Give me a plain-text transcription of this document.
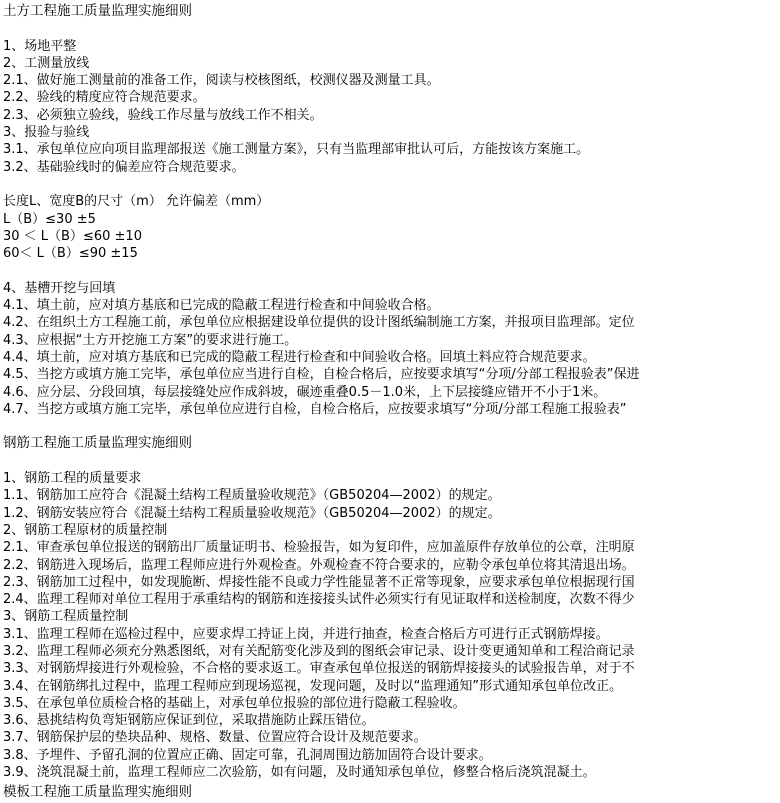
土方工程施工质量监理实施细则
1、场地平整
2、工测量放线
2.1、做好施工测量前的准备工作，阅读与校核图纸，校测仪器及测量工具。
2.2、验线的精度应符合规范要求。
2.3、必须独立验线，验线工作尽量与放线工作不相关。
3、报验与验线
3.1、承包单位应向项目监理部报送《施工测量方案》，只有当监理部审批认可后，方能按该方案施工。
3.2、基础验线时的偏差应符合规范要求。
长度L、宽度B的尺寸（m） 允许偏差（mm）
L（B）≤30 ±5
30 ＜ L（B）≤60 ±10
60＜ L（B）≤90 ±15
4、基槽开挖与回填
4.1、填土前，应对填方基底和已完成的隐蔽工程进行检查和中间验收合格。
4.2、在组织土方工程施工前，承包单位应根据建设单位提供的设计图纸编制施工方案，并报项目监理部。定位
4.3、应根据“土方开挖施工方案”的要求进行施工。
4.4、填土前，应对填方基底和已完成的隐蔽工程进行检查和中间验收合格。回填土料应符合规范要求。
4.5、当挖方或填方施工完毕，承包单位应当进行自检，自检合格后，应按要求填写“分项/分部工程报验表”保进
4.6、应分层、分段回填，每层接缝处应作成斜坡，碾迹重叠0.5－1.0米，上下层接缝应错开不小于1米。
4.7、当挖方或填方施工完毕，承包单位应进行自检，自检合格后，应按要求填写“分项/分部工程施工报验表”
钢筋工程施工质量监理实施细则
1、钢筋工程的质量要求
1.1、钢筋加工应符合《混凝土结构工程质量验收规范》（GB50204—2002）的规定。
1.2、钢筋安装应符合《混凝土结构工程质量验收规范》（GB50204—2002）的规定。
2、钢筋工程原材的质量控制
2.1、审查承包单位报送的钢筋出厂质量证明书、检验报告，如为复印件，应加盖原件存放单位的公章，注明原
2.2、钢筋进入现场后，监理工程师应进行外观检查。外观检查不符合要求的，应勒令承包单位将其清退出场。
2.3、钢筋加工过程中，如发现脆断、焊接性能不良或力学性能显著不正常等现象，应要求承包单位根据现行国
2.4、监理工程师对单位工程用于承重结构的钢筋和连接接头试件必须实行有见证取样和送检制度，次数不得少
3、钢筋工程质量控制
3.1、监理工程师在巡检过程中，应要求焊工持证上岗，并进行抽查，检查合格后方可进行正式钢筋焊接。
3.2、监理工程师必须充分熟悉图纸，对有关配筋变化涉及到的图纸会审记录、设计变更通知单和工程洽商记录
3.3、对钢筋焊接进行外观检验，不合格的要求返工。审查承包单位报送的钢筋焊接接头的试验报告单，对于不
3.4、在钢筋绑扎过程中，监理工程师应到现场巡视，发现问题，及时以“监理通知”形式通知承包单位改正。
3.5、在承包单位质检合格的基础上，对承包单位报验的部位进行隐蔽工程验收。
3.6、悬挑结构负弯矩钢筋应保证到位，采取措施防止踩压错位。
3.7、钢筋保护层的垫块品种、规格、数量、位置应符合设计及规范要求。
3.8、予埋件、予留孔洞的位置应正确、固定可靠，孔洞周围边筋加固符合设计要求。
3.9、浇筑混凝土前，监理工程师应二次验筋，如有问题，及时通知承包单位，修整合格后浇筑混凝土。
模板工程施工质量监理实施细则
